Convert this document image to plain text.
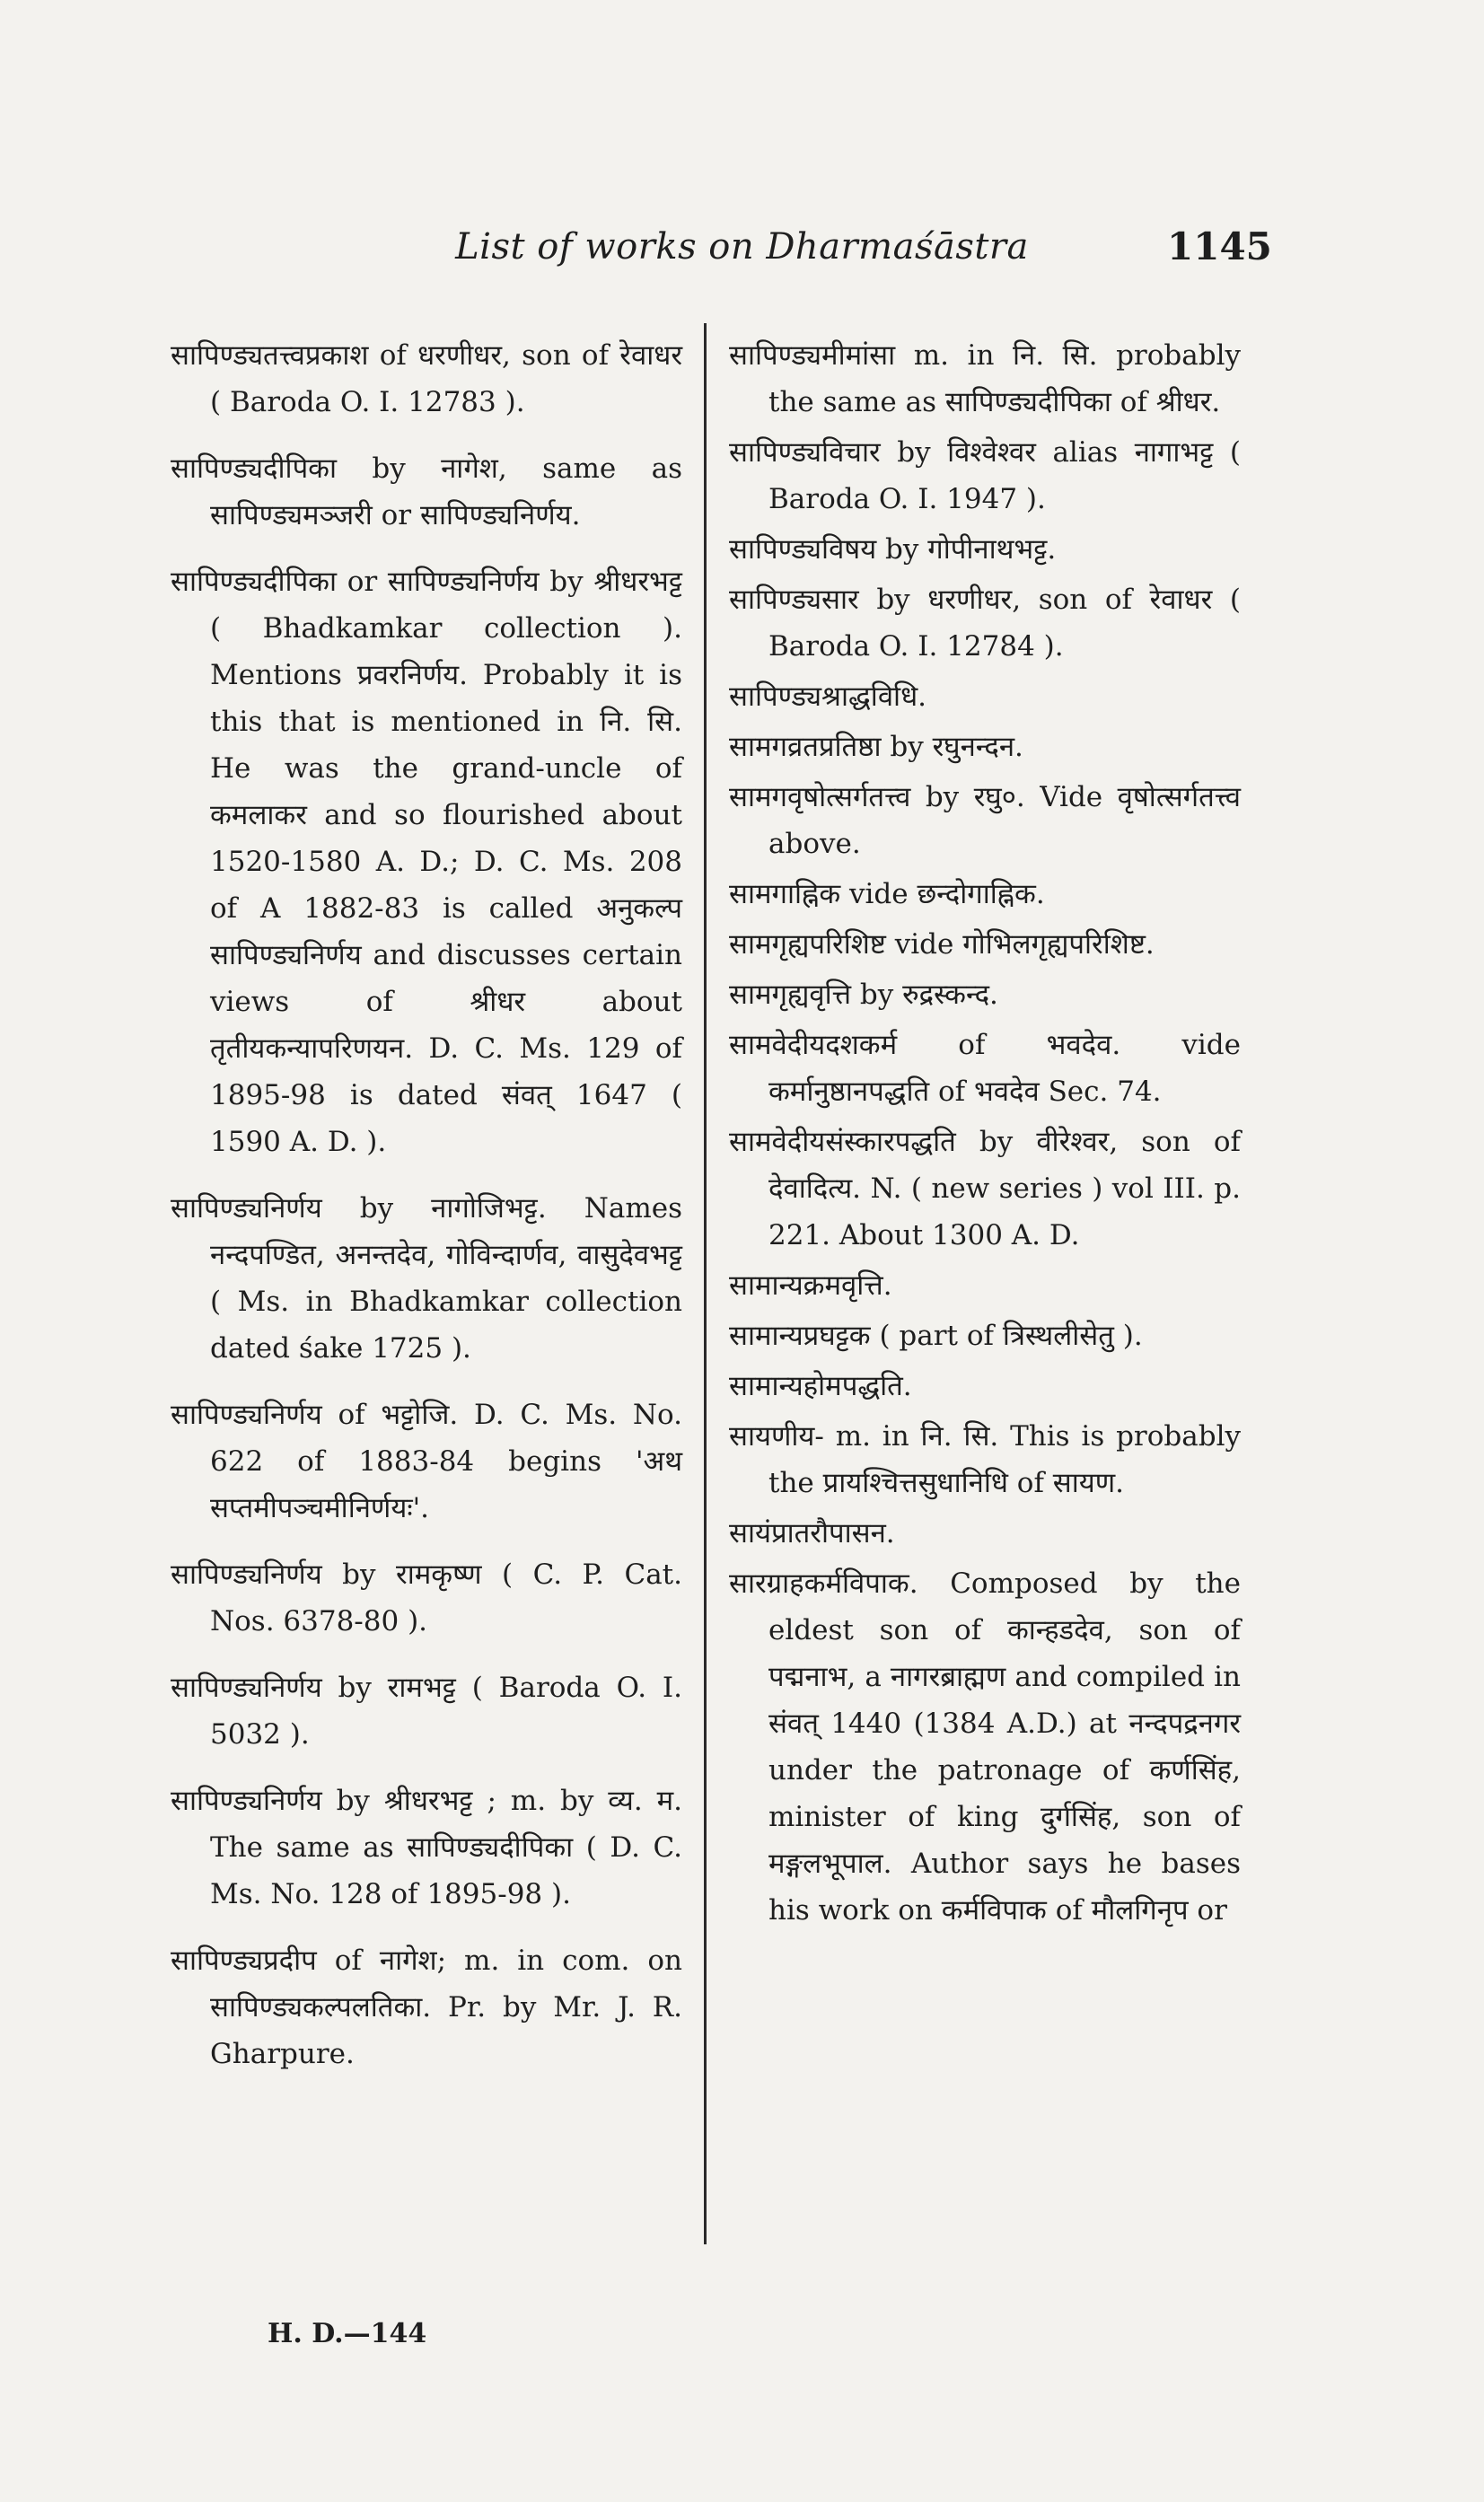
List of works on Dharmaśāstra	1145

सापिण्ड्यतत्त्वप्रकाश of धरणीधर, son of रेवाधर ( Baroda O. I. 12783 ).

सापिण्ड्यदीपिका by नागेश, same as सापिण्ड्यमञ्जरी or सापिण्ड्यनिर्णय.

सापिण्ड्यदीपिका or सापिण्ड्यनिर्णय by श्रीधरभट्ट ( Bhadkamkar collection ). Mentions प्रवरनिर्णय. Probably it is this that is mentioned in नि. सि. He was the grand-uncle of कमलाकर and so flourished about 1520-1580 A. D.; D. C. Ms. 208 of A 1882-83 is called अनुकल्प सापिण्ड्यनिर्णय and discusses certain views of श्रीधर about तृतीयकन्यापरिणयन. D. C. Ms. 129 of 1895-98 is dated संवत् 1647 ( 1590 A. D. ).

सापिण्ड्यनिर्णय by नागोजिभट्ट. Names नन्दपण्डित, अनन्तदेव, गोविन्दार्णव, वासुदेवभट्ट ( Ms. in Bhadkamkar collection dated śake 1725 ).

सापिण्ड्यनिर्णय of भट्टोजि. D. C. Ms. No. 622 of 1883-84 begins 'अथ सप्तमीपञ्चमीनिर्णयः'.

सापिण्ड्यनिर्णय by रामकृष्ण ( C. P. Cat. Nos. 6378-80 ).

सापिण्ड्यनिर्णय by रामभट्ट ( Baroda O. I. 5032 ).

सापिण्ड्यनिर्णय by श्रीधरभट्ट ; m. by व्य. म. The same as सापिण्ड्यदीपिका ( D. C. Ms. No. 128 of 1895-98 ).

सापिण्ड्यप्रदीप of नागेश; m. in com. on सापिण्ड्यकल्पलतिका. Pr. by Mr. J. R. Gharpure.

सापिण्ड्यमीमांसा m. in नि. सि. probably the same as सापिण्ड्यदीपिका of श्रीधर.

सापिण्ड्यविचार by विश्वेश्वर alias नागाभट्ट ( Baroda O. I. 1947 ).

सापिण्ड्यविषय by गोपीनाथभट्ट.

सापिण्ड्यसार by धरणीधर, son of रेवाधर ( Baroda O. I. 12784 ).

सापिण्ड्यश्राद्धविधि.

सामगव्रतप्रतिष्ठा by रघुनन्दन.

सामगवृषोत्सर्गतत्त्व by रघु०. Vide वृषोत्सर्गतत्त्व above.

सामगाह्निक vide छन्दोगाह्निक.

सामगृह्यपरिशिष्ट vide गोभिलगृह्यपरिशिष्ट.

सामगृह्यवृत्ति by रुद्रस्कन्द.

सामवेदीयदशकर्म of भवदेव. vide कर्मानुष्ठानपद्धति of भवदेव Sec. 74.

सामवेदीयसंस्कारपद्धति by वीरेश्वर, son of देवादित्य. N. ( new series ) vol III. p. 221. About 1300 A. D.

सामान्यक्रमवृत्ति.

सामान्यप्रघट्टक ( part of त्रिस्थलीसेतु ).

सामान्यहोमपद्धति.

सायणीय- m. in नि. सि. This is probably the प्रायश्चित्तसुधानिधि of सायण.

सायंप्रातरौपासन.

सारग्राहकर्मविपाक. Composed by the eldest son of कान्हडदेव, son of पद्मनाभ, a नागरब्राह्मण and compiled in संवत् 1440 (1384 A.D.) at नन्दपद्रनगर under the patronage of कर्णसिंह, minister of king दुर्गसिंह, son of मङ्गलभूपाल. Author says he bases his work on कर्मविपाक of मौलगिनृप or

H. D.—144
